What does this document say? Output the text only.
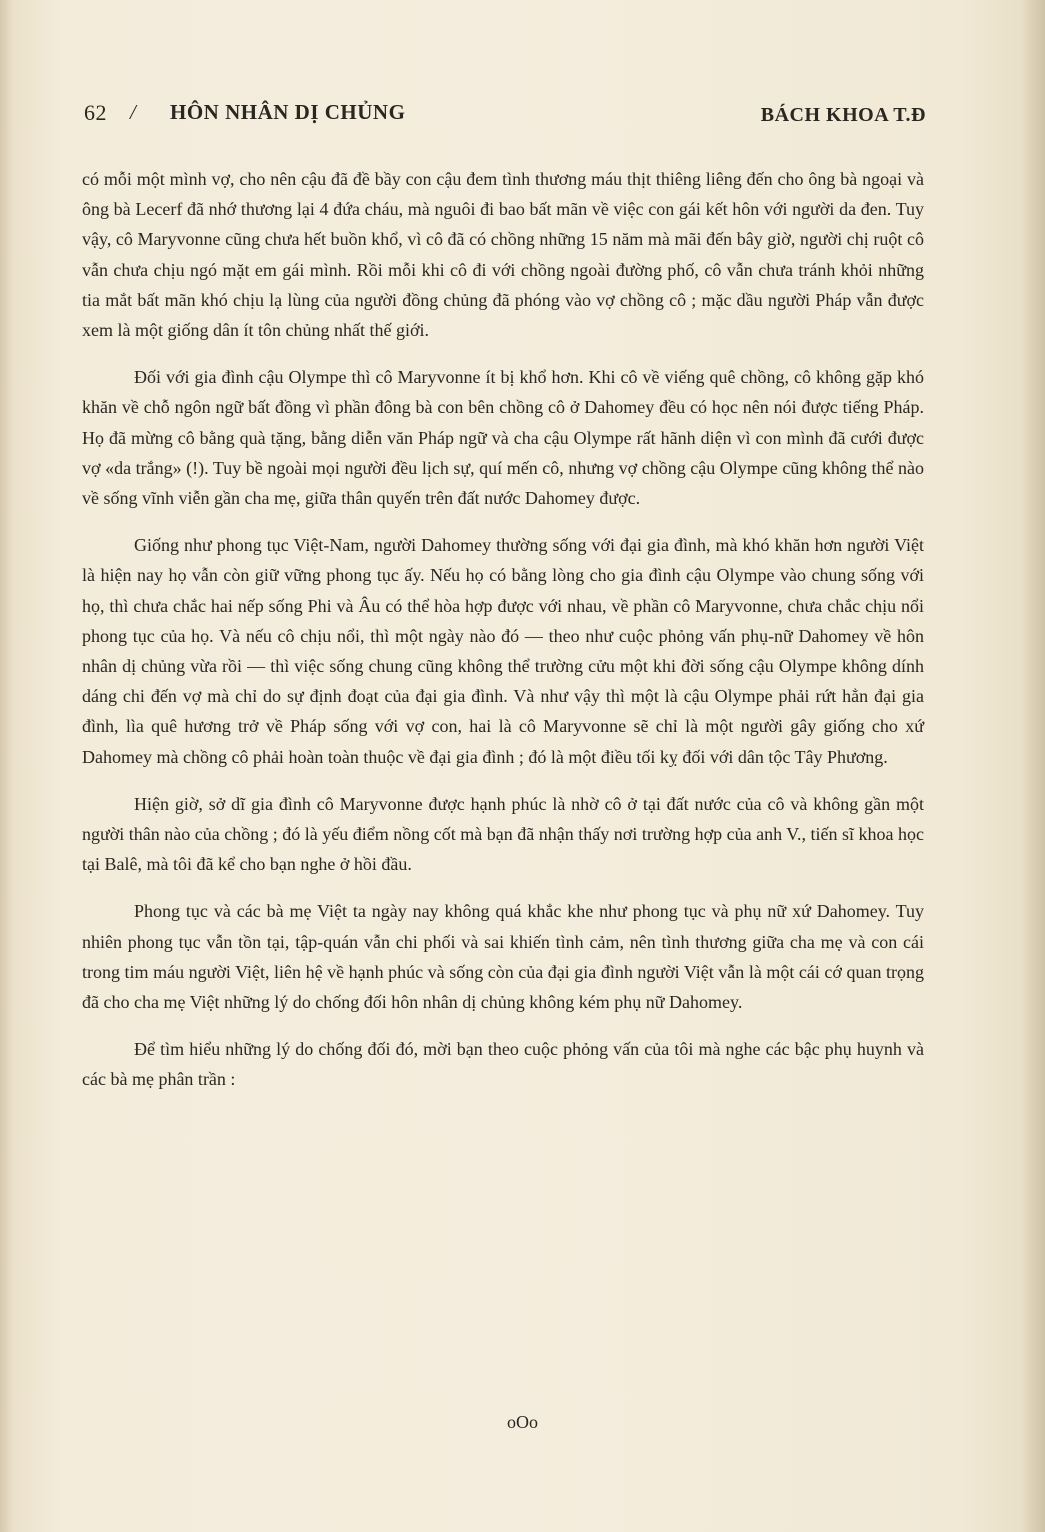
62 / HÔN NHÂN DỊ CHỦNG	BÁCH KHOA T.Đ

có mỗi một mình vợ, cho nên cậu đã đề bầy con cậu đem tình thương máu thịt thiêng liêng đến cho ông bà ngoại và ông bà Lecerf đã nhớ thương lại 4 đứa cháu, mà nguôi đi bao bất mãn về việc con gái kết hôn với người da đen. Tuy vậy, cô Maryvonne cũng chưa hết buồn khổ, vì cô đã có chồng những 15 năm mà mãi đến bây giờ, người chị ruột cô vẫn chưa chịu ngó mặt em gái mình. Rồi mỗi khi cô đi với chồng ngoài đường phố, cô vẫn chưa tránh khỏi những tia mắt bất mãn khó chịu lạ lùng của người đồng chủng đã phóng vào vợ chồng cô ; mặc dầu người Pháp vẫn được xem là một giống dân ít tôn chủng nhất thế giới.

Đối với gia đình cậu Olympe thì cô Maryvonne ít bị khổ hơn. Khi cô về viếng quê chồng, cô không gặp khó khăn về chỗ ngôn ngữ bất đồng vì phần đông bà con bên chồng cô ở Dahomey đều có học nên nói được tiếng Pháp. Họ đã mừng cô bằng quà tặng, bằng diễn văn Pháp ngữ và cha cậu Olympe rất hãnh diện vì con mình đã cưới được vợ «da trắng» (!). Tuy bề ngoài mọi người đều lịch sự, quí mến cô, nhưng vợ chồng cậu Olympe cũng không thể nào về sống vĩnh viễn gần cha mẹ, giữa thân quyến trên đất nước Dahomey được.

Giống như phong tục Việt-Nam, người Dahomey thường sống với đại gia đình, mà khó khăn hơn người Việt là hiện nay họ vẫn còn giữ vững phong tục ấy. Nếu họ có bằng lòng cho gia đình cậu Olympe vào chung sống với họ, thì chưa chắc hai nếp sống Phi và Âu có thể hòa hợp được với nhau, về phần cô Maryvonne, chưa chắc chịu nổi phong tục của họ. Và nếu cô chịu nổi, thì một ngày nào đó — theo như cuộc phỏng vấn phụ-nữ Dahomey về hôn nhân dị chủng vừa rồi — thì việc sống chung cũng không thể trường cửu một khi đời sống cậu Olympe không dính dáng chi đến vợ mà chỉ do sự định đoạt của đại gia đình. Và như vậy thì một là cậu Olympe phải rứt hẳn đại gia đình, lìa quê hương trở về Pháp sống với vợ con, hai là cô Maryvonne sẽ chỉ là một người gây giống cho xứ Dahomey mà chồng cô phải hoàn toàn thuộc về đại gia đình ; đó là một điều tối kỵ đối với dân tộc Tây Phương.

Hiện giờ, sở dĩ gia đình cô Maryvonne được hạnh phúc là nhờ cô ở tại đất nước của cô và không gần một người thân nào của chồng ; đó là yếu điểm nồng cốt mà bạn đã nhận thấy nơi trường hợp của anh V., tiến sĩ khoa học tại Balê, mà tôi đã kể cho bạn nghe ở hồi đầu.

Phong tục và các bà mẹ Việt ta ngày nay không quá khắc khe như phong tục và phụ nữ xứ Dahomey. Tuy nhiên phong tục vẫn tồn tại, tập-quán vẫn chi phối và sai khiến tình cảm, nên tình thương giữa cha mẹ và con cái trong tim máu người Việt, liên hệ về hạnh phúc và sống còn của đại gia đình người Việt vẫn là một cái cớ quan trọng đã cho cha mẹ Việt những lý do chống đối hôn nhân dị chủng không kém phụ nữ Dahomey.

Để tìm hiểu những lý do chống đối đó, mời bạn theo cuộc phỏng vấn của tôi mà nghe các bậc phụ huynh và các bà mẹ phân trần :

oOo
